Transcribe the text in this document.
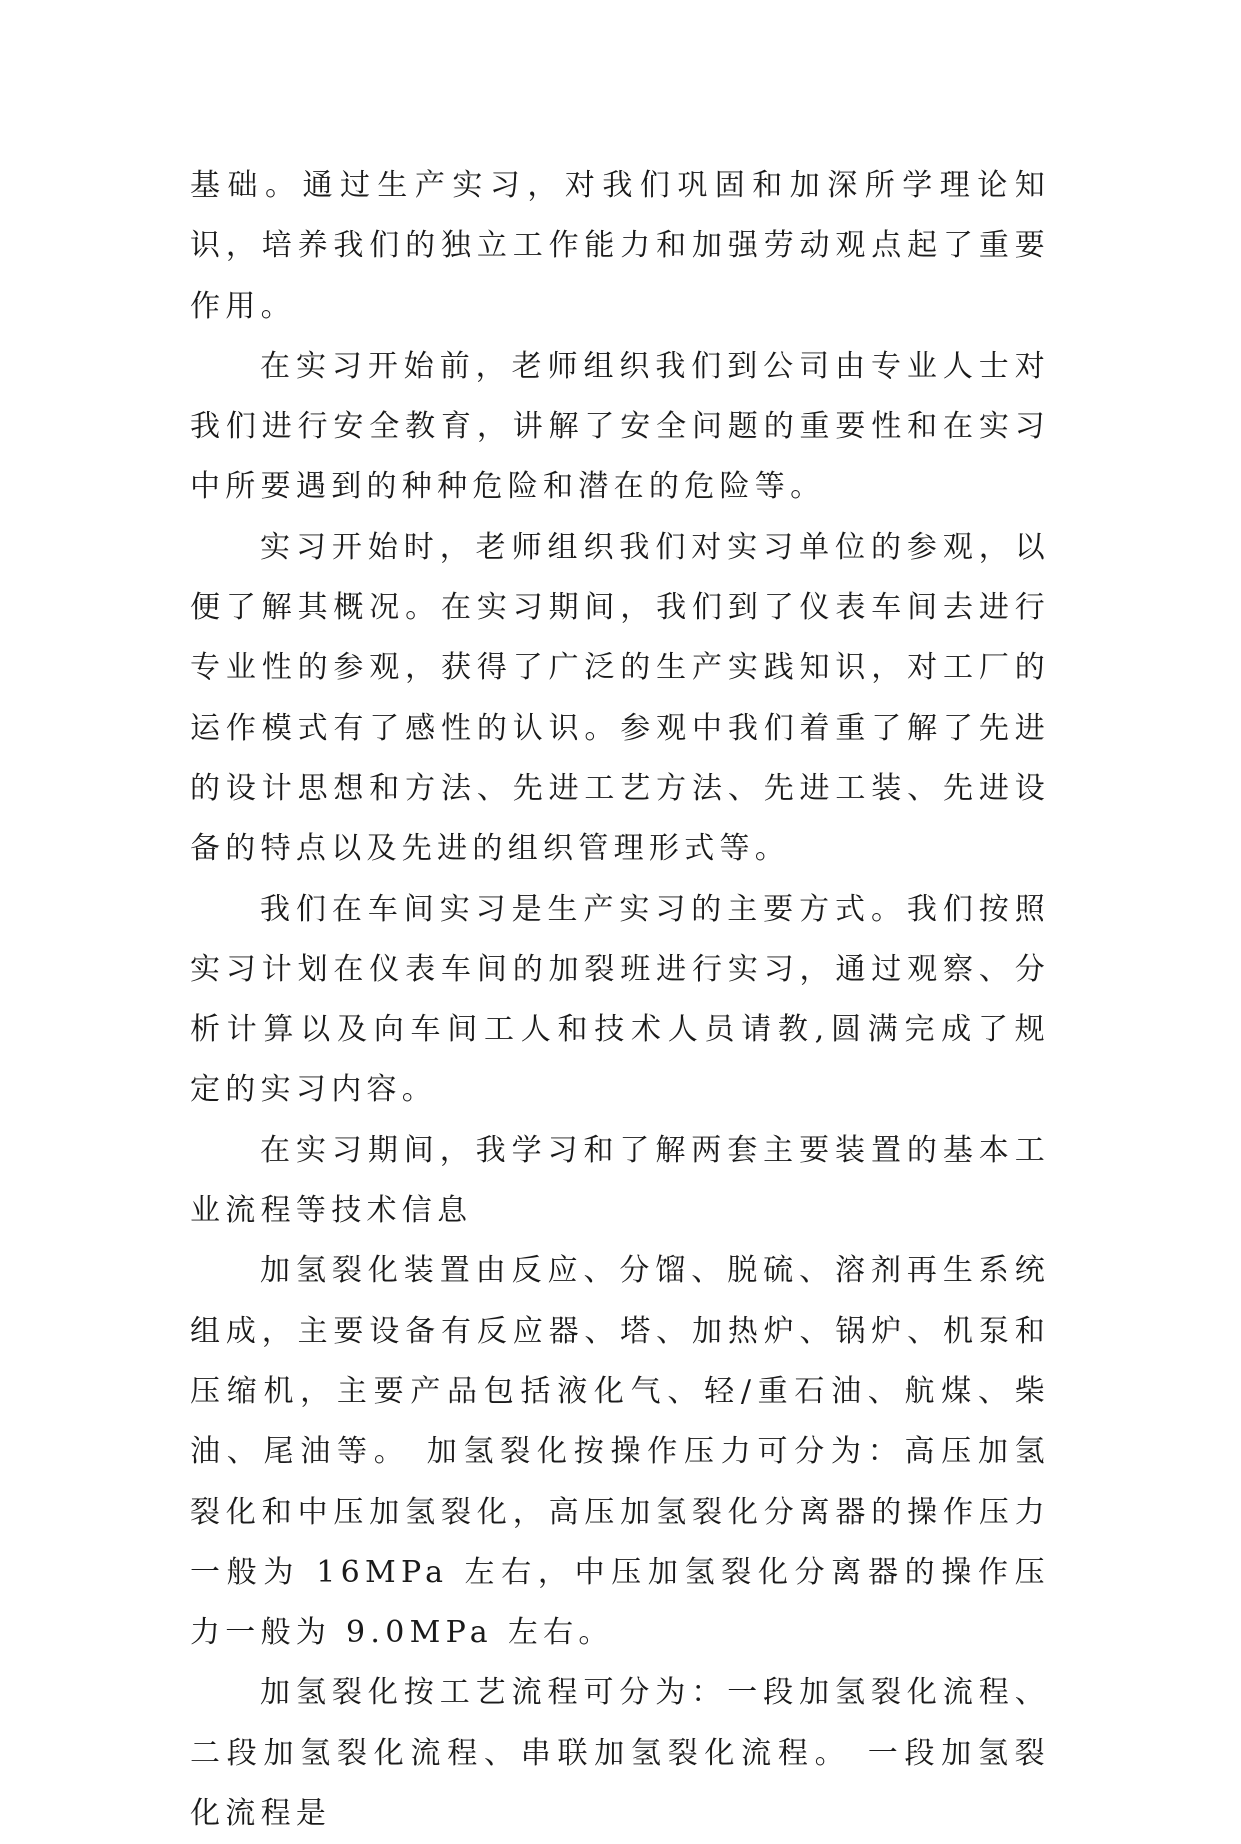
基础。通过生产实习，对我们巩固和加深所学理论知识，培养我们的独立工作能力和加强劳动观点起了重要作用。

在实习开始前，老师组织我们到公司由专业人士对我们进行安全教育，讲解了安全问题的重要性和在实习中所要遇到的种种危险和潜在的危险等。

实习开始时，老师组织我们对实习单位的参观，以便了解其概况。在实习期间，我们到了仪表车间去进行专业性的参观，获得了广泛的生产实践知识，对工厂的运作模式有了感性的认识。参观中我们着重了解了先进的设计思想和方法、先进工艺方法、先进工装、先进设备的特点以及先进的组织管理形式等。

我们在车间实习是生产实习的主要方式。我们按照实习计划在仪表车间的加裂班进行实习，通过观察、分析计算以及向车间工人和技术人员请教,圆满完成了规定的实习内容。

在实习期间，我学习和了解两套主要装置的基本工业流程等技术信息

加氢裂化装置由反应、分馏、脱硫、溶剂再生系统组成，主要设备有反应器、塔、加热炉、锅炉、机泵和压缩机，主要产品包括液化气、轻/重石油、航煤、柴油、尾油等。 加氢裂化按操作压力可分为：高压加氢裂化和中压加氢裂化，高压加氢裂化分离器的操作压力一般为 16MPa 左右，中压加氢裂化分离器的操作压力一般为 9.0MPa 左右。

加氢裂化按工艺流程可分为：一段加氢裂化流程、二段加氢裂化流程、串联加氢裂化流程。 一段加氢裂化流程是
